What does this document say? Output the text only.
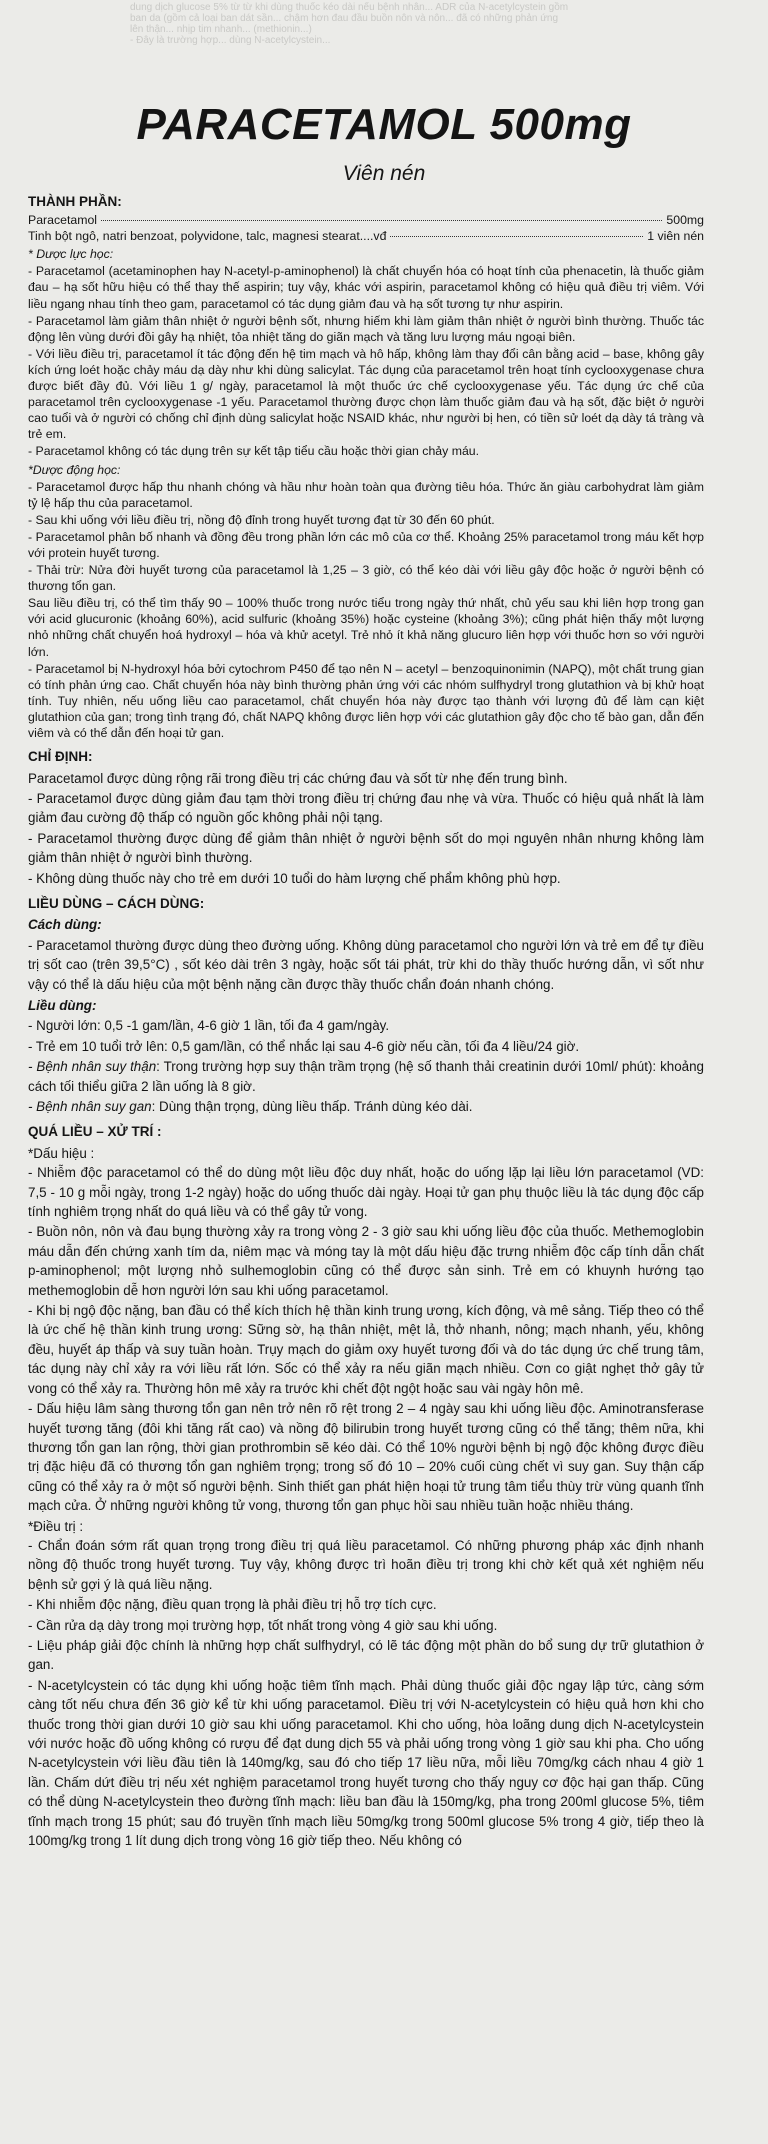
dung dịch glucose 5% từ từ khi dùng thuốc kéo dài nếu bệnh nhân... ADR của N-acetylcystein gồm
ban da (gồm cả loại ban dát sần... chậm hơn đau đầu buồn nôn và nôn... đã có những phản ứng
lên thận... nhịp tim nhanh... (methionin...)
- Đây là trường hợp... dùng N-acetylcystein...
PARACETAMOL 500mg
Viên nén
THÀNH PHẦN:
Paracetamol	500mg
Tinh bột ngô, natri benzoat, polyvidone, talc, magnesi stearat ....vđ	1 viên nén
* Dược lực học:

- Paracetamol (acetaminophen hay N-acetyl-p-aminophenol) là chất chuyển hóa có hoạt tính của phenacetin, là thuốc giảm đau – hạ sốt hữu hiệu có thể thay thế aspirin; tuy vậy, khác với aspirin, paracetamol không có hiệu quả điều trị viêm. Với liều ngang nhau tính theo gam, paracetamol có tác dụng giảm đau và hạ sốt tương tự như aspirin.

- Paracetamol làm giảm thân nhiệt ở người bệnh sốt, nhưng hiếm khi làm giảm thân nhiệt ở người bình thường. Thuốc tác động lên vùng dưới đồi gây hạ nhiệt, tỏa nhiệt tăng do giãn mạch và tăng lưu lượng máu ngoại biên.

- Với liều điều trị, paracetamol ít tác động đến hệ tim mạch và hô hấp, không làm thay đổi cân bằng acid – base, không gây kích ứng loét hoặc chảy máu dạ dày như khi dùng salicylat. Tác dụng của paracetamol trên hoạt tính cyclooxygenase chưa được biết đầy đủ. Với liều 1 g/ ngày, paracetamol là một thuốc ức chế cyclooxygenase yếu. Tác dụng ức chế của paracetamol trên cyclooxygenase -1 yếu. Paracetamol thường được chọn làm thuốc giảm đau và hạ sốt, đặc biệt ở người cao tuổi và ở người có chống chỉ định dùng salicylat hoặc NSAID khác, như người bị hen, có tiền sử loét dạ dày tá tràng và trẻ em.

- Paracetamol không có tác dụng trên sự kết tập tiểu cầu hoặc thời gian chảy máu.

*Dược động học:

- Paracetamol được hấp thu nhanh chóng và hầu như hoàn toàn qua đường tiêu hóa. Thức ăn giàu carbohydrat làm giảm tỷ lệ hấp thu của paracetamol.

- Sau khi uống với liều điều trị, nồng độ đỉnh trong huyết tương đạt từ 30 đến 60 phút.

- Paracetamol phân bố nhanh và đồng đều trong phần lớn các mô của cơ thể. Khoảng 25% paracetamol trong máu kết hợp với protein huyết tương.

- Thải trừ: Nửa đời huyết tương của paracetamol là 1,25 – 3 giờ, có thể kéo dài với liều gây độc hoặc ở người bệnh có thương tổn gan.

Sau liều điều trị, có thể tìm thấy 90 – 100% thuốc trong nước tiểu trong ngày thứ nhất, chủ yếu sau khi liên hợp trong gan với acid glucuronic (khoảng 60%), acid sulfuric (khoảng 35%) hoặc cysteine (khoảng 3%); cũng phát hiện thấy một lượng nhỏ những chất chuyển hoá hydroxyl – hóa và khử acetyl. Trẻ nhỏ ít khả năng glucuro liên hợp với thuốc hơn so với người lớn.

- Paracetamol bị N-hydroxyl hóa bởi cytochrom P450 để tạo nên N – acetyl – benzoquinonimin (NAPQ), một chất trung gian có tính phản ứng cao. Chất chuyển hóa này bình thường phản ứng với các nhóm sulfhydryl trong glutathion và bị khử hoạt tính. Tuy nhiên, nếu uống liều cao paracetamol, chất chuyển hóa này được tạo thành với lượng đủ để làm cạn kiệt glutathion của gan; trong tình trạng đó, chất NAPQ không được liên hợp với các glutathion gây độc cho tế bào gan, dẫn đến viêm và có thể dẫn đến hoại tử gan.

CHỈ ĐỊNH:

Paracetamol được dùng rộng rãi trong điều trị các chứng đau và sốt từ nhẹ đến trung bình.

- Paracetamol được dùng giảm đau tạm thời trong điều trị chứng đau nhẹ và vừa. Thuốc có hiệu quả nhất là làm giảm đau cường độ thấp có nguồn gốc không phải nội tạng.

- Paracetamol thường được dùng để giảm thân nhiệt ở người bệnh sốt do mọi nguyên nhân nhưng không làm giảm thân nhiệt ở người bình thường.

- Không dùng thuốc này cho trẻ em dưới 10 tuổi do hàm lượng chế phẩm không phù hợp.

LIỀU DÙNG – CÁCH DÙNG:
Cách dùng:

- Paracetamol thường được dùng theo đường uống. Không dùng paracetamol cho người lớn và trẻ em để tự điều trị sốt cao (trên 39,5°C) , sốt kéo dài trên 3 ngày, hoặc sốt tái phát, trừ khi do thầy thuốc hướng dẫn, vì sốt như vậy có thể là dấu hiệu của một bệnh nặng cần được thầy thuốc chẩn đoán nhanh chóng.

Liều dùng:

- Người lớn: 0,5 -1 gam/lần, 4-6 giờ 1 lần, tối đa 4 gam/ngày.

- Trẻ em 10 tuổi trở lên: 0,5 gam/lần, có thể nhắc lại sau 4-6 giờ nếu cần, tối đa 4 liều/24 giờ.

- Bệnh nhân suy thận: Trong trường hợp suy thận trầm trọng (hệ số thanh thải creatinin dưới 10ml/ phút): khoảng cách tối thiểu giữa 2 lần uống là 8 giờ.

- Bệnh nhân suy gan: Dùng thận trọng, dùng liều thấp. Tránh dùng kéo dài.

QUÁ LIỀU – XỬ TRÍ :
*Dấu hiệu :

- Nhiễm độc paracetamol có thể do dùng một liều độc duy nhất, hoặc do uống lặp lại liều lớn paracetamol (VD: 7,5 - 10 g mỗi ngày, trong 1-2 ngày) hoặc do uống thuốc dài ngày. Hoại tử gan phụ thuộc liều là tác dụng độc cấp tính nghiêm trọng nhất do quá liều và có thể gây tử vong.

- Buồn nôn, nôn và đau bụng thường xảy ra trong vòng 2 - 3 giờ sau khi uống liều độc của thuốc. Methemoglobin máu dẫn đến chứng xanh tím da, niêm mạc và móng tay là một dấu hiệu đặc trưng nhiễm độc cấp tính dẫn chất p-aminophenol; một lượng nhỏ sulhemoglobin cũng có thể được sản sinh. Trẻ em có khuynh hướng tạo methemoglobin dễ hơn người lớn sau khi uống paracetamol.

- Khi bị ngộ độc nặng, ban đầu có thể kích thích hệ thần kinh trung ương, kích động, và mê sảng. Tiếp theo có thể là ức chế hệ thần kinh trung ương: Sững sờ, hạ thân nhiệt, mệt lả, thở nhanh, nông; mạch nhanh, yếu, không đều, huyết áp thấp và suy tuần hoàn. Trụy mạch do giảm oxy huyết tương đối và do tác dụng ức chế trung tâm, tác dụng này chỉ xảy ra với liều rất lớn. Sốc có thể xảy ra nếu giãn mạch nhiều. Cơn co giật nghẹt thở gây tử vong có thể xảy ra. Thường hôn mê xảy ra trước khi chết đột ngột hoặc sau vài ngày hôn mê.

- Dấu hiệu lâm sàng thương tổn gan nên trở nên rõ rệt trong 2 – 4 ngày sau khi uống liều độc. Aminotransferase huyết tương tăng (đôi khi tăng rất cao) và nồng độ bilirubin trong huyết tương cũng có thể tăng; thêm nữa, khi thương tổn gan lan rộng, thời gian prothrombin sẽ kéo dài. Có thể 10% người bệnh bị ngộ độc không được điều trị đặc hiệu đã có thương tổn gan nghiêm trọng; trong số đó 10 – 20% cuối cùng chết vì suy gan. Suy thận cấp cũng có thể xảy ra ở một số người bệnh. Sinh thiết gan phát hiện hoại tử trung tâm tiểu thùy trừ vùng quanh tĩnh mạch cửa. Ở những người không tử vong, thương tổn gan phục hồi sau nhiều tuần hoặc nhiều tháng.

*Điều trị :

- Chẩn đoán sớm rất quan trọng trong điều trị quá liều paracetamol. Có những phương pháp xác định nhanh nồng độ thuốc trong huyết tương. Tuy vậy, không được trì hoãn điều trị trong khi chờ kết quả xét nghiệm nếu bệnh sử gợi ý là quá liều nặng.

- Khi nhiễm độc nặng, điều quan trọng là phải điều trị hỗ trợ tích cực.

- Cần rửa dạ dày trong mọi trường hợp, tốt nhất trong vòng 4 giờ sau khi uống.

- Liệu pháp giải độc chính là những hợp chất sulfhydryl, có lẽ tác động một phần do bổ sung dự trữ glutathion ở gan.

- N-acetylcystein có tác dụng khi uống hoặc tiêm tĩnh mạch. Phải dùng thuốc giải độc ngay lập tức, càng sớm càng tốt nếu chưa đến 36 giờ kể từ khi uống paracetamol. Điều trị với N-acetylcystein có hiệu quả hơn khi cho thuốc trong thời gian dưới 10 giờ sau khi uống paracetamol. Khi cho uống, hòa loãng dung dịch N-acetylcystein với nước hoặc đồ uống không có rượu để đạt dung dịch 55 và phải uống trong vòng 1 giờ sau khi pha. Cho uống N-acetylcystein với liều đầu tiên là 140mg/kg, sau đó cho tiếp 17 liều nữa, mỗi liều 70mg/kg cách nhau 4 giờ 1 lần. Chấm dứt điều trị nếu xét nghiệm paracetamol trong huyết tương cho thấy nguy cơ độc hại gan thấp. Cũng có thể dùng N-acetylcystein theo đường tĩnh mạch: liều ban đầu là 150mg/kg, pha trong 200ml glucose 5%, tiêm tĩnh mạch trong 15 phút; sau đó truyền tĩnh mạch liều 50mg/kg trong 500ml glucose 5% trong 4 giờ, tiếp theo là 100mg/kg trong 1 lít dung dịch trong vòng 16 giờ tiếp theo. Nếu không có
